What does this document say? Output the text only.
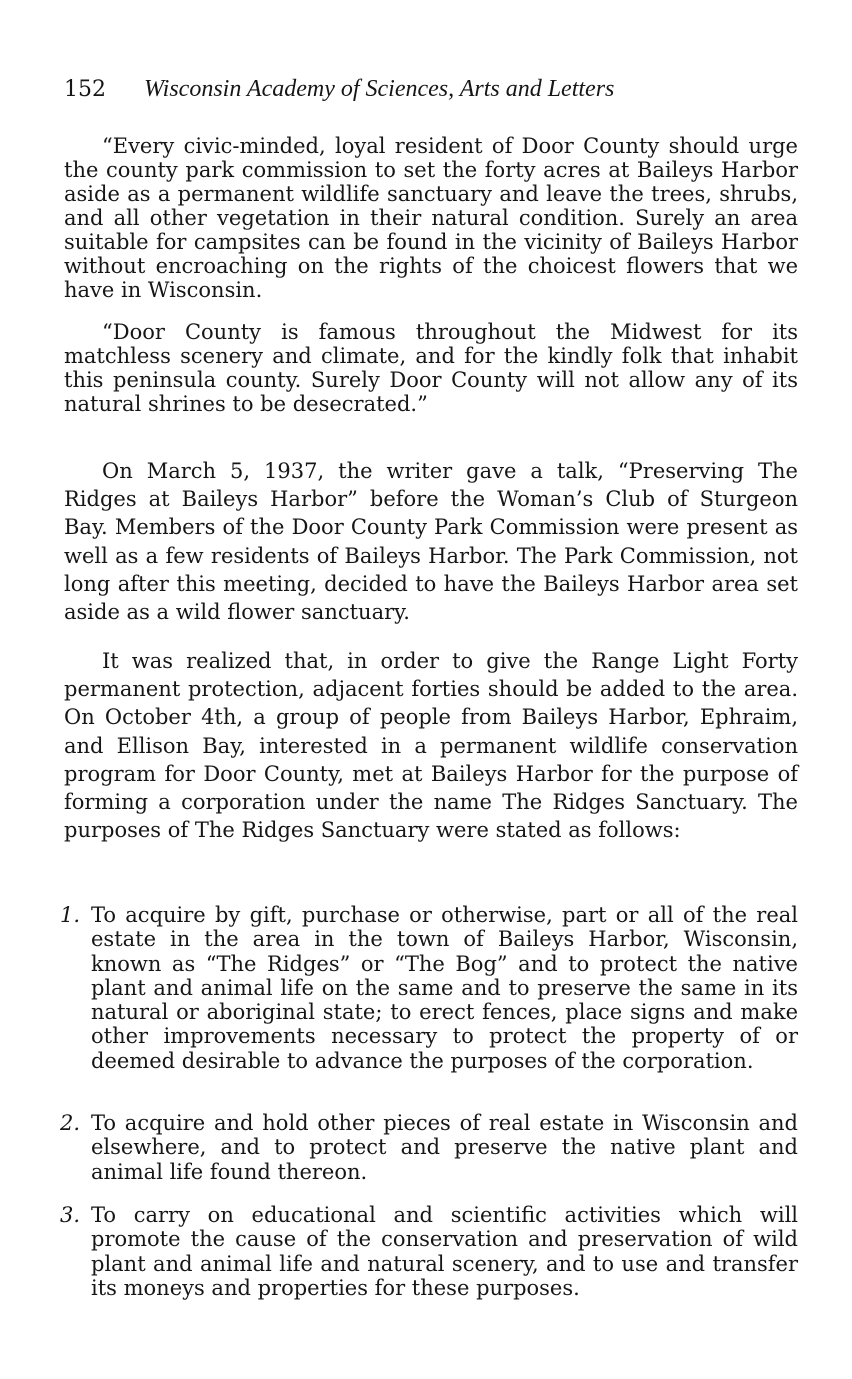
152 Wisconsin Academy of Sciences, Arts and Letters

“Every civic-minded, loyal resident of Door County should urge the county park commission to set the forty acres at Baileys Harbor aside as a permanent wildlife sanctuary and leave the trees, shrubs, and all other vegetation in their natural condition. Surely an area suitable for campsites can be found in the vicinity of Baileys Harbor without encroaching on the rights of the choicest flowers that we have in Wisconsin.

“Door County is famous throughout the Midwest for its matchless scenery and climate, and for the kindly folk that inhabit this peninsula county. Surely Door County will not allow any of its natural shrines to be desecrated.”

On March 5, 1937, the writer gave a talk, “Preserving The Ridges at Baileys Harbor” before the Woman’s Club of Sturgeon Bay. Members of the Door County Park Commission were present as well as a few residents of Baileys Harbor. The Park Commission, not long after this meeting, decided to have the Baileys Harbor area set aside as a wild flower sanctuary.

It was realized that, in order to give the Range Light Forty permanent protection, adjacent forties should be added to the area. On October 4th, a group of people from Baileys Harbor, Ephraim, and Ellison Bay, interested in a permanent wildlife conservation program for Door County, met at Baileys Harbor for the purpose of forming a corporation under the name The Ridges Sanctuary. The purposes of The Ridges Sanctuary were stated as follows:

1. To acquire by gift, purchase or otherwise, part or all of the real estate in the area in the town of Baileys Harbor, Wisconsin, known as “The Ridges” or “The Bog” and to protect the native plant and animal life on the same and to preserve the same in its natural or aboriginal state; to erect fences, place signs and make other improvements necessary to protect the property of or deemed desirable to advance the purposes of the corporation.
2. To acquire and hold other pieces of real estate in Wisconsin and elsewhere, and to protect and preserve the native plant and animal life found thereon.
3. To carry on educational and scientific activities which will promote the cause of the conservation and preservation of wild plant and animal life and natural scenery, and to use and transfer its moneys and properties for these purposes.
